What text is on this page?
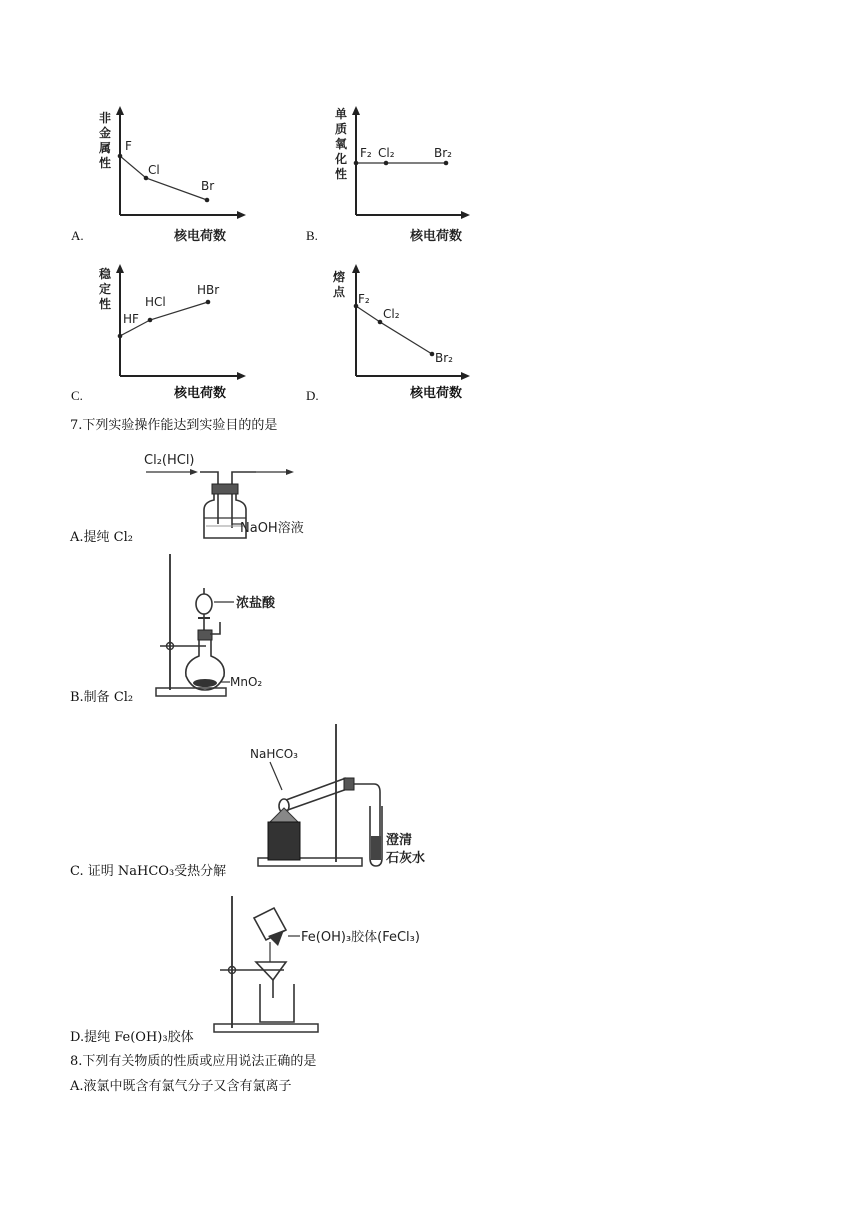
非
金
属
性
核电荷数
F
Cl
Br
A.
单
质
氧
化
性
核电荷数
F₂ Cl₂	Br₂
B.
稳
定
性
HF
HCl
HBr
核电荷数
C.
熔
点 F₂
Cl₂
Br₂
核电荷数
D.
7.下列实验操作能达到实验目的的是
Cl₂(HCl)
NaOH溶液
A.提纯 Cl₂
浓盐酸
MnO₂
B.制备 Cl₂
NaHCO₃
澄清
石灰水
C. 证明 NaHCO₃受热分解
Fe(OH)₃胶体(FeCl₃)
D.提纯 Fe(OH)₃胶体
8.下列有关物质的性质或应用说法正确的是
A.液氯中既含有氯气分子又含有氯离子
